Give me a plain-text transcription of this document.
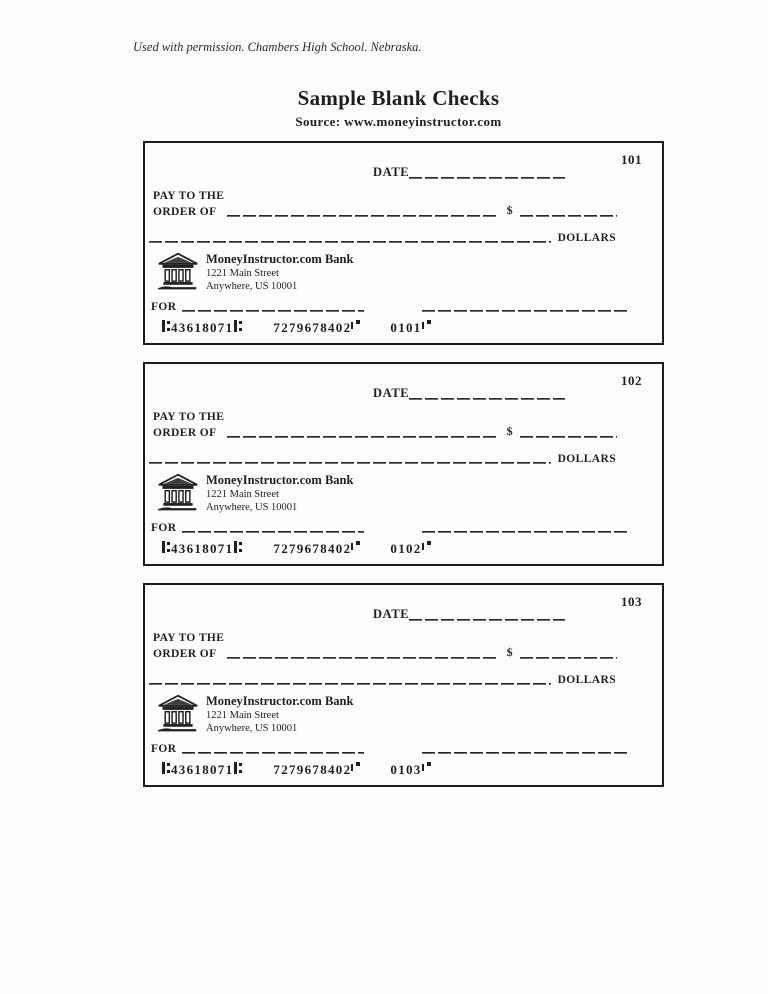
Used with permission. Chambers High School. Nebraska.

Sample Blank Checks

Source: www.moneyinstructor.com

101
DATE
PAY TO THE
ORDER OF	$
DOLLARS
MoneyInstructor.com Bank
1221 Main Street
Anywhere, US 10001
FOR
43618071	7279678402	0101
102
DATE
PAY TO THE
ORDER OF	$
DOLLARS
MoneyInstructor.com Bank
1221 Main Street
Anywhere, US 10001
FOR
43618071	7279678402	0102
103
DATE
PAY TO THE
ORDER OF	$
DOLLARS
MoneyInstructor.com Bank
1221 Main Street
Anywhere, US 10001
FOR
43618071	7279678402	0103
